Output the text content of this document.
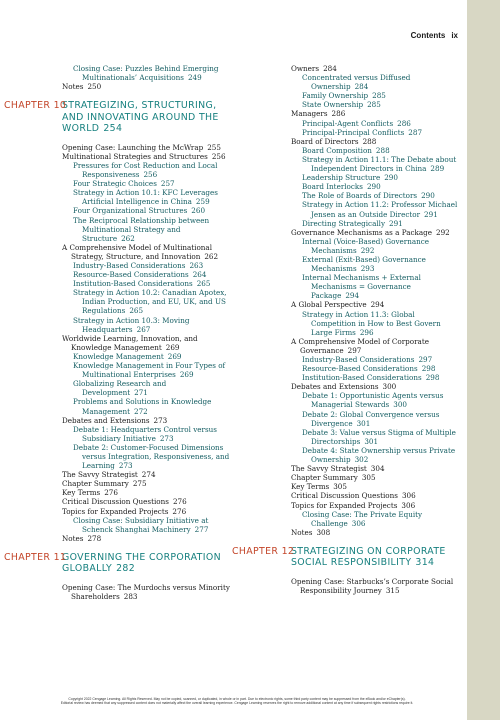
Contents ix
Closing Case: Puzzles Behind Emerging Multinationals’ Acquisitions 249
Notes 250
CHAPTER 10
STRATEGIZING, STRUCTURING, AND INNOVATING AROUND THE WORLD 254
Opening Case: Launching the McWrap 255
Multinational Strategies and Structures 256
Pressures for Cost Reduction and Local Responsiveness 256
Four Strategic Choices 257
Strategy in Action 10.1: KFC Leverages Artificial Intelligence in China 259
Four Organizational Structures 260
The Reciprocal Relationship between Multinational Strategy and Structure 262
A Comprehensive Model of Multinational Strategy, Structure, and Innovation 262
Industry-Based Considerations 263
Resource-Based Considerations 264
Institution-Based Considerations 265
Strategy in Action 10.2: Canadian Apotex, Indian Production, and EU, UK, and US Regulations 265
Strategy in Action 10.3: Moving Headquarters 267
Worldwide Learning, Innovation, and Knowledge Management 269
Knowledge Management 269
Knowledge Management in Four Types of Multinational Enterprises 269
Globalizing Research and Development 271
Problems and Solutions in Knowledge Management 272
Debates and Extensions 273
Debate 1: Headquarters Control versus Subsidiary Initiative 273
Debate 2: Customer-Focused Dimensions versus Integration, Responsiveness, and Learning 273
The Savvy Strategist 274
Chapter Summary 275
Key Terms 276
Critical Discussion Questions 276
Topics for Expanded Projects 276
Closing Case: Subsidiary Initiative at Schenck Shanghai Machinery 277
Notes 278
CHAPTER 11
GOVERNING THE CORPORATION GLOBALLY 282
Opening Case: The Murdochs versus Minority Shareholders 283
Owners 284
Concentrated versus Diffused Ownership 284
Family Ownership 285
State Ownership 285
Managers 286
Principal-Agent Conflicts 286
Principal-Principal Conflicts 287
Board of Directors 288
Board Composition 288
Strategy in Action 11.1: The Debate about Independent Directors in China 289
Leadership Structure 290
Board Interlocks 290
The Role of Boards of Directors 290
Strategy in Action 11.2: Professor Michael Jensen as an Outside Director 291
Directing Strategically 291
Governance Mechanisms as a Package 292
Internal (Voice-Based) Governance Mechanisms 292
External (Exit-Based) Governance Mechanisms 293
Internal Mechanisms + External Mechanisms = Governance Package 294
A Global Perspective 294
Strategy in Action 11.3: Global Competition in How to Best Govern Large Firms 296
A Comprehensive Model of Corporate Governance 297
Industry-Based Considerations 297
Resource-Based Considerations 298
Institution-Based Considerations 298
Debates and Extensions 300
Debate 1: Opportunistic Agents versus Managerial Stewards 300
Debate 2: Global Convergence versus Divergence 301
Debate 3: Value versus Stigma of Multiple Directorships 301
Debate 4: State Ownership versus Private Ownership 302
The Savvy Strategist 304
Chapter Summary 305
Key Terms 305
Critical Discussion Questions 306
Topics for Expanded Projects 306
Closing Case: The Private Equity Challenge 306
Notes 308
CHAPTER 12
STRATEGIZING ON CORPORATE SOCIAL RESPONSIBILITY 314
Opening Case: Starbucks’s Corporate Social Responsibility Journey 315
Copyright 2022 Cengage Learning. All Rights Reserved. May not be copied, scanned, or duplicated, in whole or in part. Due to electronic rights, some third party content may be suppressed from the eBook and/or eChapter(s).
Editorial review has deemed that any suppressed content does not materially affect the overall learning experience. Cengage Learning reserves the right to remove additional content at any time if subsequent rights restrictions require it.
